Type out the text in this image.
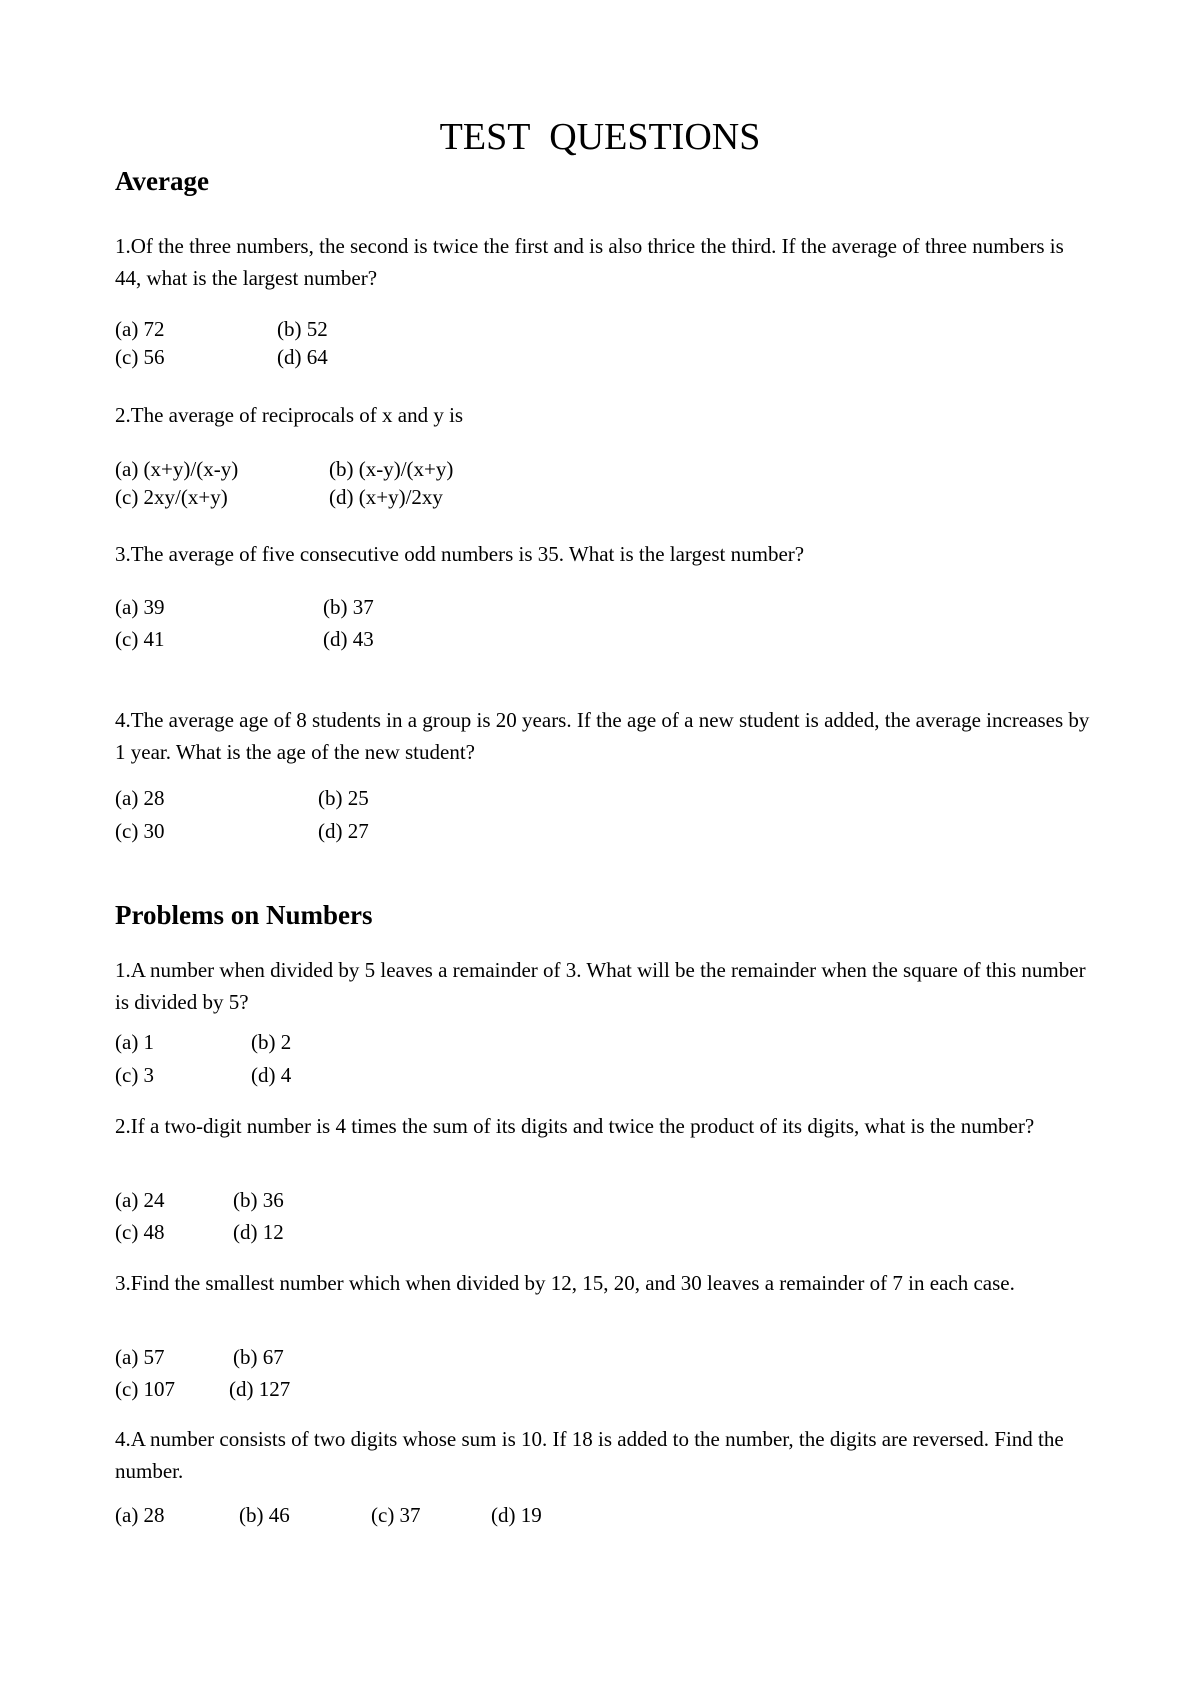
TEST QUESTIONS
Average
1.Of the three numbers, the second is twice the first and is also thrice the third. If the average of three numbers is 44, what is the largest number?
(a) 72	(b) 52
(c) 56	(d) 64
2.The average of reciprocals of x and y is
(a) (x+y)/(x-y)	(b) (x-y)/(x+y)
(c) 2xy/(x+y)	(d) (x+y)/2xy
3.The average of five consecutive odd numbers is 35. What is the largest number?
(a) 39	(b) 37
(c) 41	(d) 43
4.The average age of 8 students in a group is 20 years. If the age of a new student is added, the average increases by 1 year. What is the age of the new student?
(a) 28	(b) 25
(c) 30	(d) 27
Problems on Numbers
1.A number when divided by 5 leaves a remainder of 3. What will be the remainder when the square of this number is divided by 5?
(a) 1	(b) 2
(c) 3	(d) 4
2.If a two-digit number is 4 times the sum of its digits and twice the product of its digits, what is the number?
(a) 24	(b) 36
(c) 48	(d) 12
3.Find the smallest number which when divided by 12, 15, 20, and 30 leaves a remainder of 7 in each case.
(a) 57	(b) 67
(c) 107	(d) 127
4.A number consists of two digits whose sum is 10. If 18 is added to the number, the digits are reversed. Find the number.
(a) 28	(b) 46	(c) 37	(d) 19
